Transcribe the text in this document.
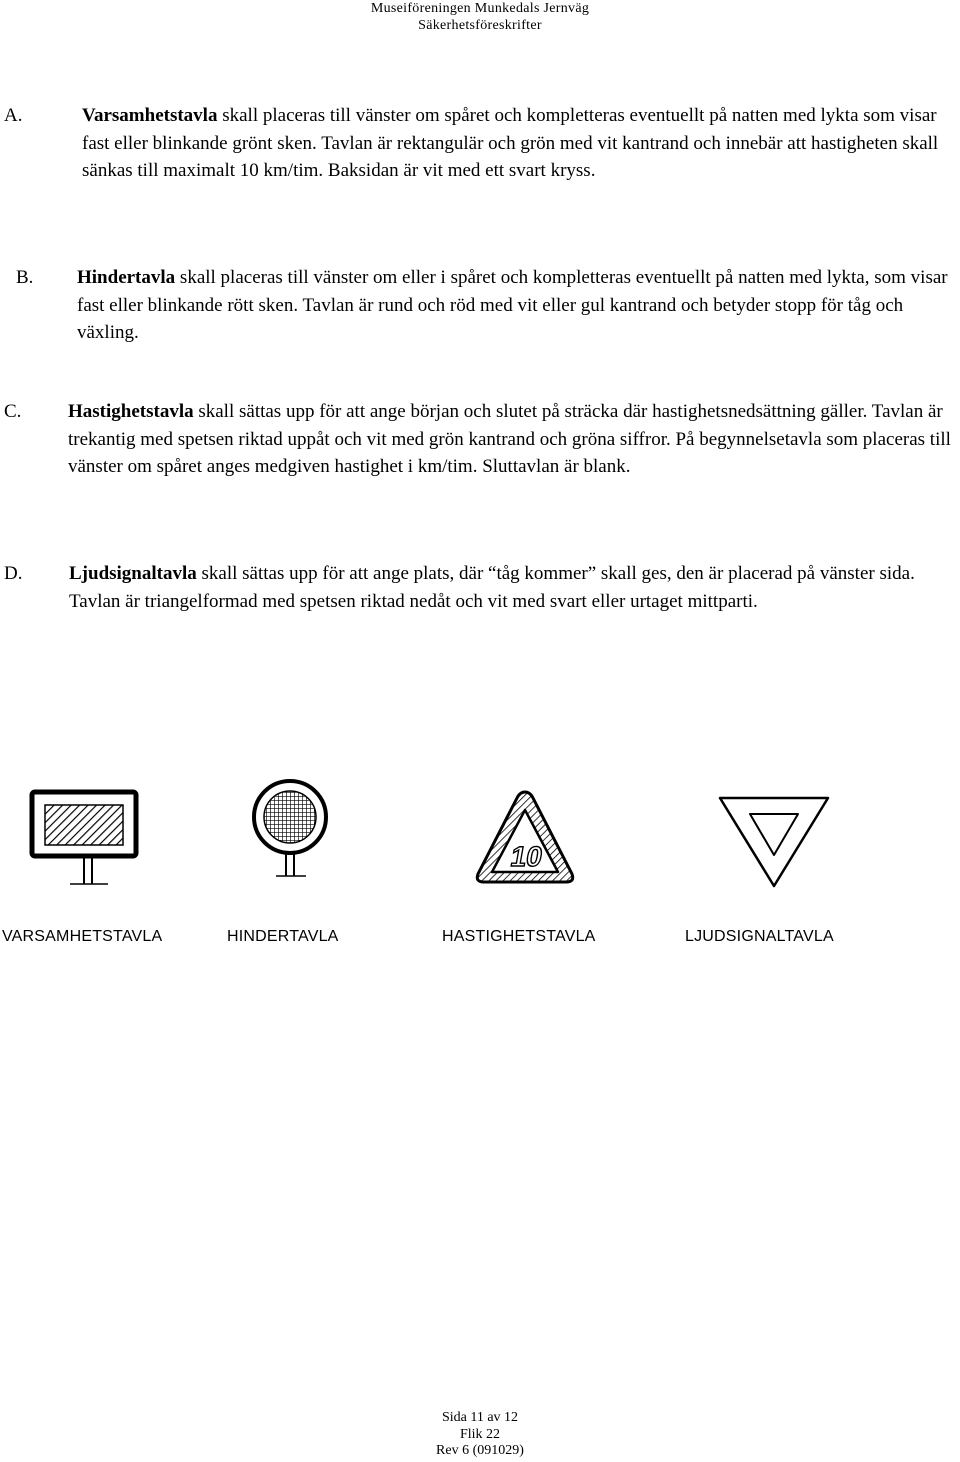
Museiföreningen Munkedals Jernväg
Säkerhetsföreskrifter
A.	Varsamhetstavla skall placeras till vänster om spåret och kompletteras eventuellt på natten med lykta som visar fast eller blinkande grönt sken. Tavlan är rektangulär och grön med vit kantrand och innebär att hastigheten skall sänkas till maximalt 10 km/tim. Baksidan är vit med ett svart kryss.
B. Hindertavla skall placeras till vänster om eller i spåret och kompletteras eventuellt på natten med lykta, som visar fast eller blinkande rött sken. Tavlan är rund och röd med vit eller gul kantrand och betyder stopp för tåg och växling.
C. Hastighetstavla skall sättas upp för att ange början och slutet på sträcka där hastighetsnedsättning gäller. Tavlan är trekantig med spetsen riktad uppåt och vit med grön kantrand och gröna siffror. På begynnelsetavla som placeras till vänster om spåret anges medgiven hastighet i km/tim. Sluttavlan är blank.
D. Ljudsignaltavla skall sättas upp för att ange plats, där “tåg kommer” skall ges, den är placerad på vänster sida. Tavlan är triangelformad med spetsen riktad nedåt och vit med svart eller urtaget mittparti.
10
VARSAMHETSTAVLA	HINDERTAVLA	HASTIGHETSTAVLA	LJUDSIGNALTAVLA
Sida 11 av 12
Flik 22
Rev 6 (091029)
